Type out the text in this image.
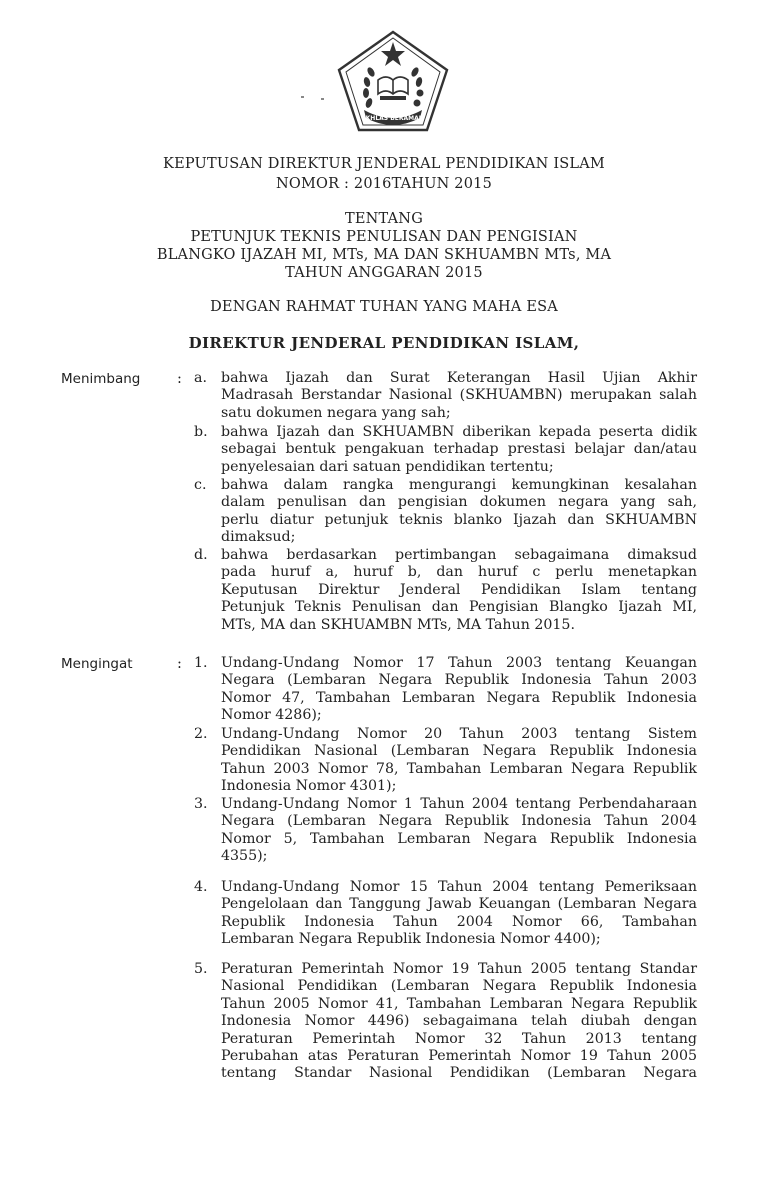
IKHLAS BERAMAL
KEPUTUSAN DIREKTUR JENDERAL PENDIDIKAN ISLAM
NOMOR : 2016TAHUN 2015
TENTANG
PETUNJUK TEKNIS PENULISAN DAN PENGISIAN
BLANGKO IJAZAH MI, MTs, MA DAN SKHUAMBN MTs, MA
TAHUN ANGGARAN 2015
DENGAN RAHMAT TUHAN YANG MAHA ESA
DIREKTUR JENDERAL PENDIDIKAN ISLAM,
Menimbang	: a. bahwa Ijazah dan Surat Keterangan Hasil Ujian Akhir
Madrasah Berstandar Nasional (SKHUAMBN) merupakan salah
satu dokumen negara yang sah;
b. bahwa Ijazah dan SKHUAMBN diberikan kepada peserta didik
sebagai bentuk pengakuan terhadap prestasi belajar dan/atau
penyelesaian dari satuan pendidikan tertentu;
c.	bahwa dalam rangka mengurangi kemungkinan kesalahan
dalam penulisan dan pengisian dokumen negara yang sah,
perlu diatur petunjuk teknis blanko Ijazah dan SKHUAMBN
dimaksud;
d. bahwa berdasarkan pertimbangan sebagaimana dimaksud
pada huruf a, huruf b, dan huruf c perlu menetapkan
Keputusan Direktur Jenderal Pendidikan Islam tentang
Petunjuk Teknis Penulisan dan Pengisian Blangko Ijazah MI,
MTs, MA dan SKHUAMBN MTs, MA Tahun 2015.
Mengingat	: 1. Undang-Undang Nomor 17 Tahun 2003 tentang Keuangan
Negara (Lembaran Negara Republik Indonesia Tahun 2003
Nomor 47, Tambahan Lembaran Negara Republik Indonesia
Nomor 4286);
2. Undang-Undang Nomor 20 Tahun 2003 tentang Sistem
Pendidikan Nasional (Lembaran Negara Republik Indonesia
Tahun 2003 Nomor 78, Tambahan Lembaran Negara Republik
Indonesia Nomor 4301);
3. Undang-Undang Nomor 1 Tahun 2004 tentang Perbendaharaan
Negara (Lembaran Negara Republik Indonesia Tahun 2004
Nomor 5, Tambahan Lembaran Negara Republik Indonesia
4355);
4. Undang-Undang Nomor 15 Tahun 2004 tentang Pemeriksaan
Pengelolaan dan Tanggung Jawab Keuangan (Lembaran Negara
Republik Indonesia Tahun 2004 Nomor 66, Tambahan
Lembaran Negara Republik Indonesia Nomor 4400);
5. Peraturan Pemerintah Nomor 19 Tahun 2005 tentang Standar
Nasional Pendidikan (Lembaran Negara Republik Indonesia
Tahun 2005 Nomor 41, Tambahan Lembaran Negara Republik
Indonesia Nomor 4496) sebagaimana telah diubah dengan
Peraturan Pemerintah Nomor 32 Tahun 2013 tentang
Perubahan atas Peraturan Pemerintah Nomor 19 Tahun 2005
tentang Standar Nasional Pendidikan (Lembaran Negara
